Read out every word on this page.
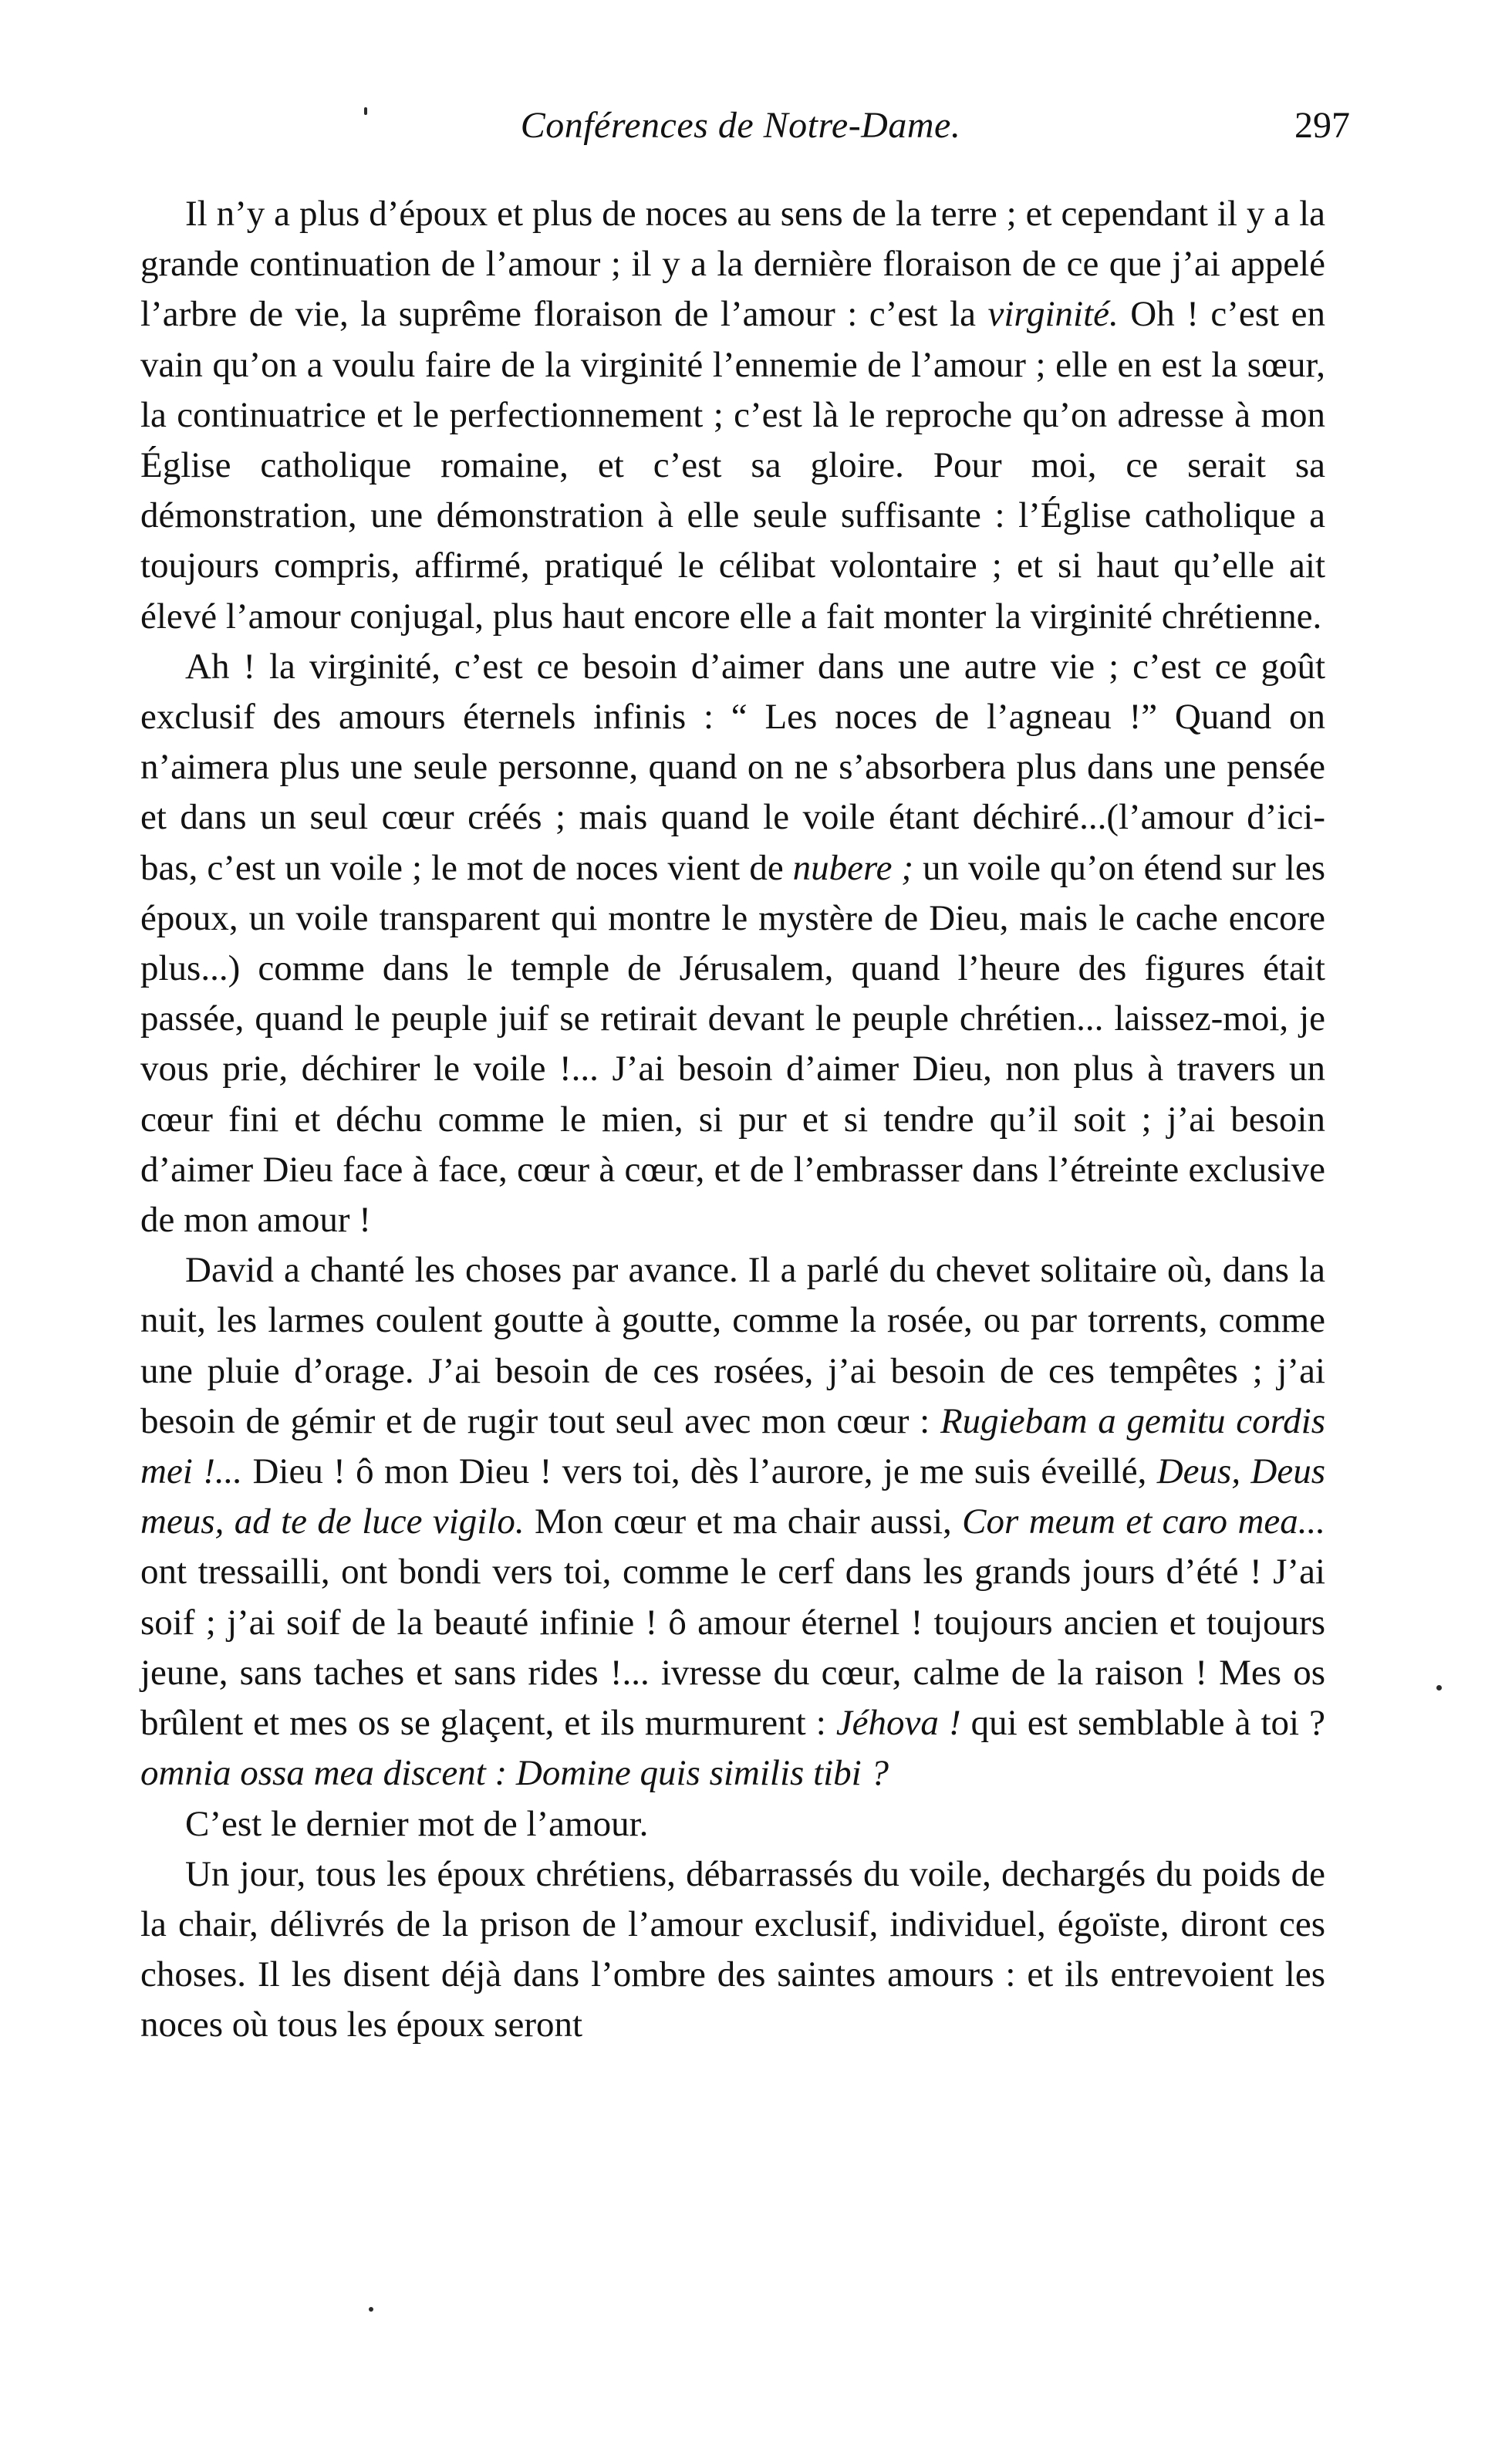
Conférences de Notre-Dame.	297

Il n’y a plus d’époux et plus de noces au sens de la terre ; et cependant il y a la grande continuation de l’amour ; il y a la dernière floraison de ce que j’ai appelé l’arbre de vie, la suprême floraison de l’amour : c’est la virginité. Oh ! c’est en vain qu’on a voulu faire de la virginité l’ennemie de l’amour ; elle en est la sœur, la continuatrice et le perfectionnement ; c’est là le reproche qu’on adresse à mon Église catholique romaine, et c’est sa gloire. Pour moi, ce serait sa démonstration, une démonstration à elle seule suffisante : l’Église catholique a toujours compris, affirmé, pratiqué le célibat volontaire ; et si haut qu’elle ait élevé l’amour conjugal, plus haut encore elle a fait monter la virginité chrétienne.

Ah ! la virginité, c’est ce besoin d’aimer dans une autre vie ; c’est ce goût exclusif des amours éternels infinis : “ Les noces de l’agneau !” Quand on n’aimera plus une seule personne, quand on ne s’absorbera plus dans une pensée et dans un seul cœur créés ; mais quand le voile étant déchiré...(l’amour d’ici-bas, c’est un voile ; le mot de noces vient de nubere ; un voile qu’on étend sur les époux, un voile transparent qui montre le mystère de Dieu, mais le cache encore plus...) comme dans le temple de Jérusalem, quand l’heure des figures était passée, quand le peuple juif se retirait devant le peuple chrétien... laissez-moi, je vous prie, déchirer le voile !... J’ai besoin d’aimer Dieu, non plus à travers un cœur fini et déchu comme le mien, si pur et si tendre qu’il soit ; j’ai besoin d’aimer Dieu face à face, cœur à cœur, et de l’embrasser dans l’étreinte exclusive de mon amour !

David a chanté les choses par avance. Il a parlé du chevet solitaire où, dans la nuit, les larmes coulent goutte à goutte, comme la rosée, ou par torrents, comme une pluie d’orage. J’ai besoin de ces rosées, j’ai besoin de ces tempêtes ; j’ai besoin de gémir et de rugir tout seul avec mon cœur : Rugiebam a gemitu cordis mei !... Dieu ! ô mon Dieu ! vers toi, dès l’aurore, je me suis éveillé, Deus, Deus meus, ad te de luce vigilo. Mon cœur et ma chair aussi, Cor meum et caro mea... ont tressailli, ont bondi vers toi, comme le cerf dans les grands jours d’été ! J’ai soif ; j’ai soif de la beauté infinie ! ô amour éternel ! toujours ancien et toujours jeune, sans taches et sans rides !... ivresse du cœur, calme de la raison ! Mes os brûlent et mes os se glaçent, et ils murmurent : Jéhova ! qui est semblable à toi ? omnia ossa mea discent : Domine quis similis tibi ?

C’est le dernier mot de l’amour.

Un jour, tous les époux chrétiens, débarrassés du voile, dechargés du poids de la chair, délivrés de la prison de l’amour exclusif, individuel, égoïste, diront ces choses. Il les disent déjà dans l’ombre des saintes amours : et ils entrevoient les noces où tous les époux seront
